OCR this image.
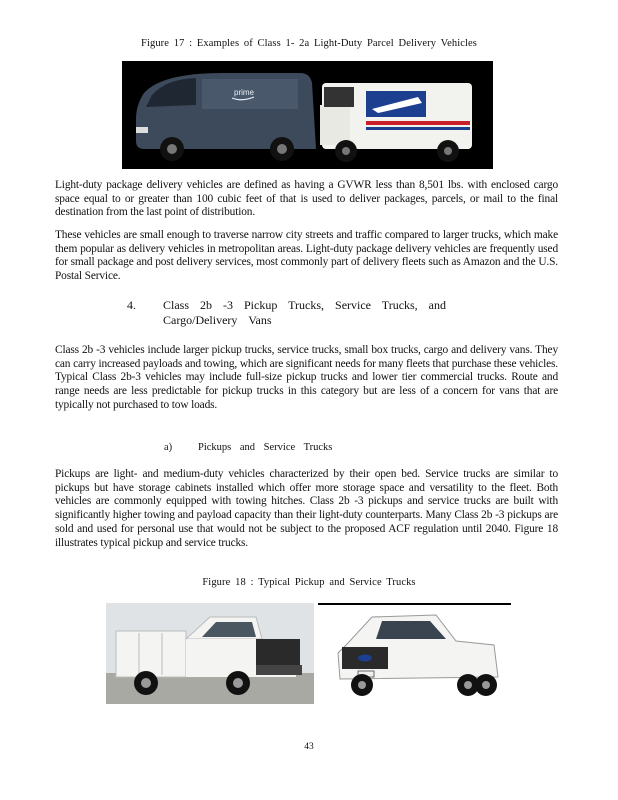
Figure 17 : Examples of Class 1- 2a Light-Duty Parcel Delivery Vehicles
prime

Light-duty package delivery vehicles are defined as having a GVWR less than 8,501 lbs. with enclosed cargo space equal to or greater than 100 cubic feet of that is used to deliver packages, parcels, or mail to the final destination from the last point of distribution.

These vehicles are small enough to traverse narrow city streets and traffic compared to larger trucks, which make them popular as delivery vehicles in metropolitan areas. Light-duty package delivery vehicles are frequently used for small package and post delivery services, most commonly part of delivery fleets such as Amazon and the U.S. Postal Service.

4. Class 2b -3 Pickup Trucks, Service Trucks, and Cargo/Delivery Vans

Class 2b -3 vehicles include larger pickup trucks, service trucks, small box trucks, cargo and delivery vans. They can carry increased payloads and towing, which are significant needs for many fleets that purchase these vehicles. Typical Class 2b-3 vehicles may include full-size pickup trucks and lower tier commercial trucks. Route and range needs are less predictable for pickup trucks in this category but are less of a concern for vans that are typically not purchased to tow loads.

a) Pickups and Service Trucks

Pickups are light- and medium-duty vehicles characterized by their open bed. Service trucks are similar to pickups but have storage cabinets installed which offer more storage space and versatility to the fleet. Both vehicles are commonly equipped with towing hitches. Class 2b -3 pickups and service trucks are built with significantly higher towing and payload capacity than their light-duty counterparts. Many Class 2b -3 pickups are sold and used for personal use that would not be subject to the proposed ACF regulation until 2040. Figure 18 illustrates typical pickup and service trucks.

Figure 18 : Typical Pickup and Service Trucks
43
